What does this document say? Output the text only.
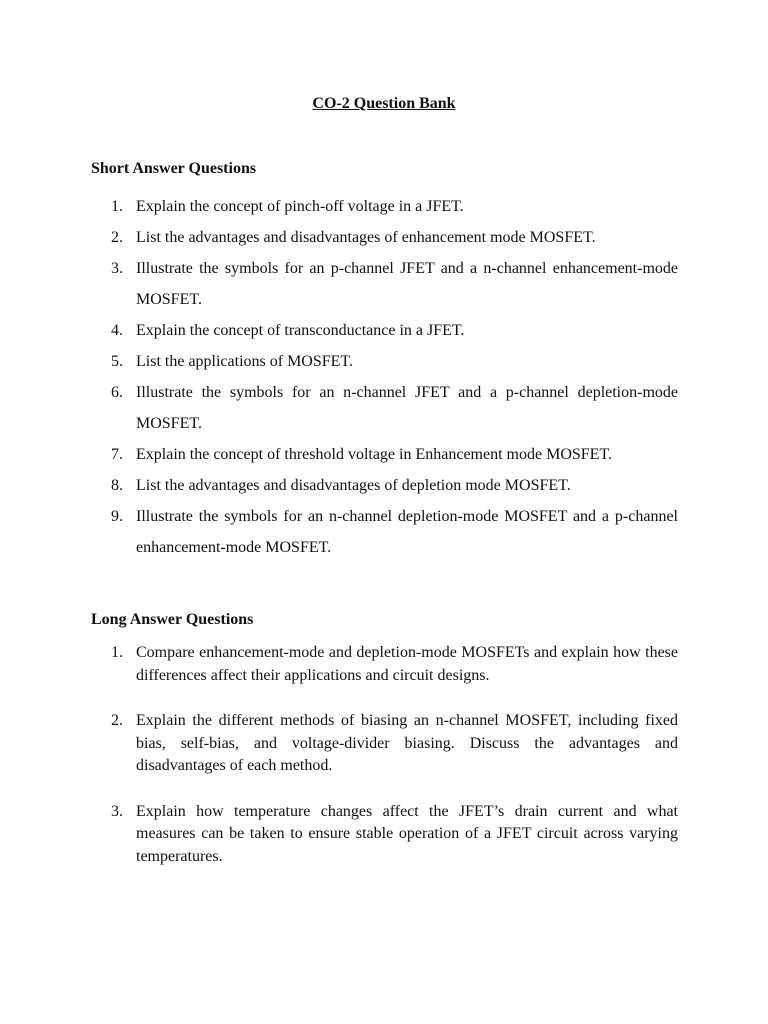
CO-2 Question Bank
Short Answer Questions
1. Explain the concept of pinch-off voltage in a JFET.
2. List the advantages and disadvantages of enhancement mode MOSFET.
3. Illustrate the symbols for an p-channel JFET and a n-channel enhancement-mode MOSFET.
4. Explain the concept of transconductance in a JFET.
5. List the applications of MOSFET.
6. Illustrate the symbols for an n-channel JFET and a p-channel depletion-mode MOSFET.
7. Explain the concept of threshold voltage in Enhancement mode MOSFET.
8. List the advantages and disadvantages of depletion mode MOSFET.
9. Illustrate the symbols for an n-channel depletion-mode MOSFET and a p-channel enhancement-mode MOSFET.
Long Answer Questions
1. Compare enhancement-mode and depletion-mode MOSFETs and explain how these differences affect their applications and circuit designs.
2. Explain the different methods of biasing an n-channel MOSFET, including fixed bias, self-bias, and voltage-divider biasing. Discuss the advantages and disadvantages of each method.
3. Explain how temperature changes affect the JFET’s drain current and what measures can be taken to ensure stable operation of a JFET circuit across varying temperatures.
